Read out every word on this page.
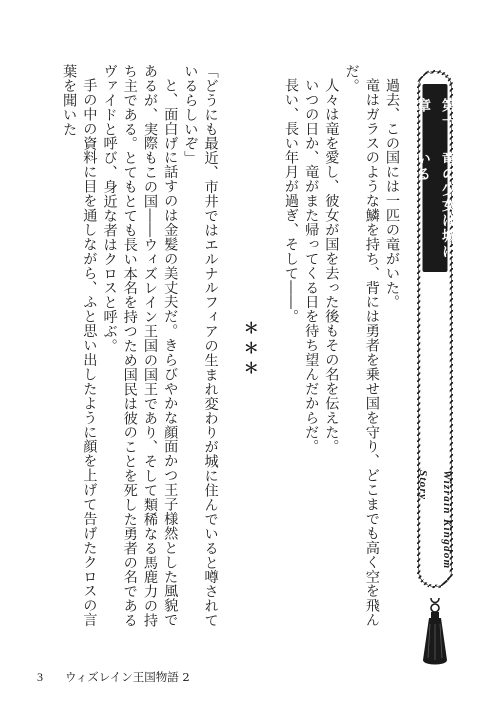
過去、この国には一匹の竜がいた。

竜はガラスのような鱗を持ち、背には勇者を乗せ国を守り、どこまでも高く空を飛んだ。

人々は竜を愛し、彼女が国を去った後もその名を伝えた。

いつの日か、竜がまた帰ってくる日を待ち望んだからだ。

長い、長い年月が過ぎ、そして――。

＊＊＊

「どうにも最近、市井ではエルナルフィアの生まれ変わりが城に住んでいると噂されているらしいぞ」

と、面白げに話すのは金髪の美丈夫だ。きらびやかな顔面かつ王子様然とした風貌であるが、実際もこの国――ウィズレイン王国の国王であり、そして類稀なる馬鹿力の持ち主である。とてもとても長い本名を持つため国民は彼のことを死した勇者の名であるヴァイドと呼び、身近な者はクロスと呼ぶ。

手の中の資料に目を通しながら、ふと思い出したように顔を上げて告げたクロスの言葉を聞いた	第一章
竜の少女は城にいる
Wizrain Kingdom Story
3 ウィズレイン王国物語 2
